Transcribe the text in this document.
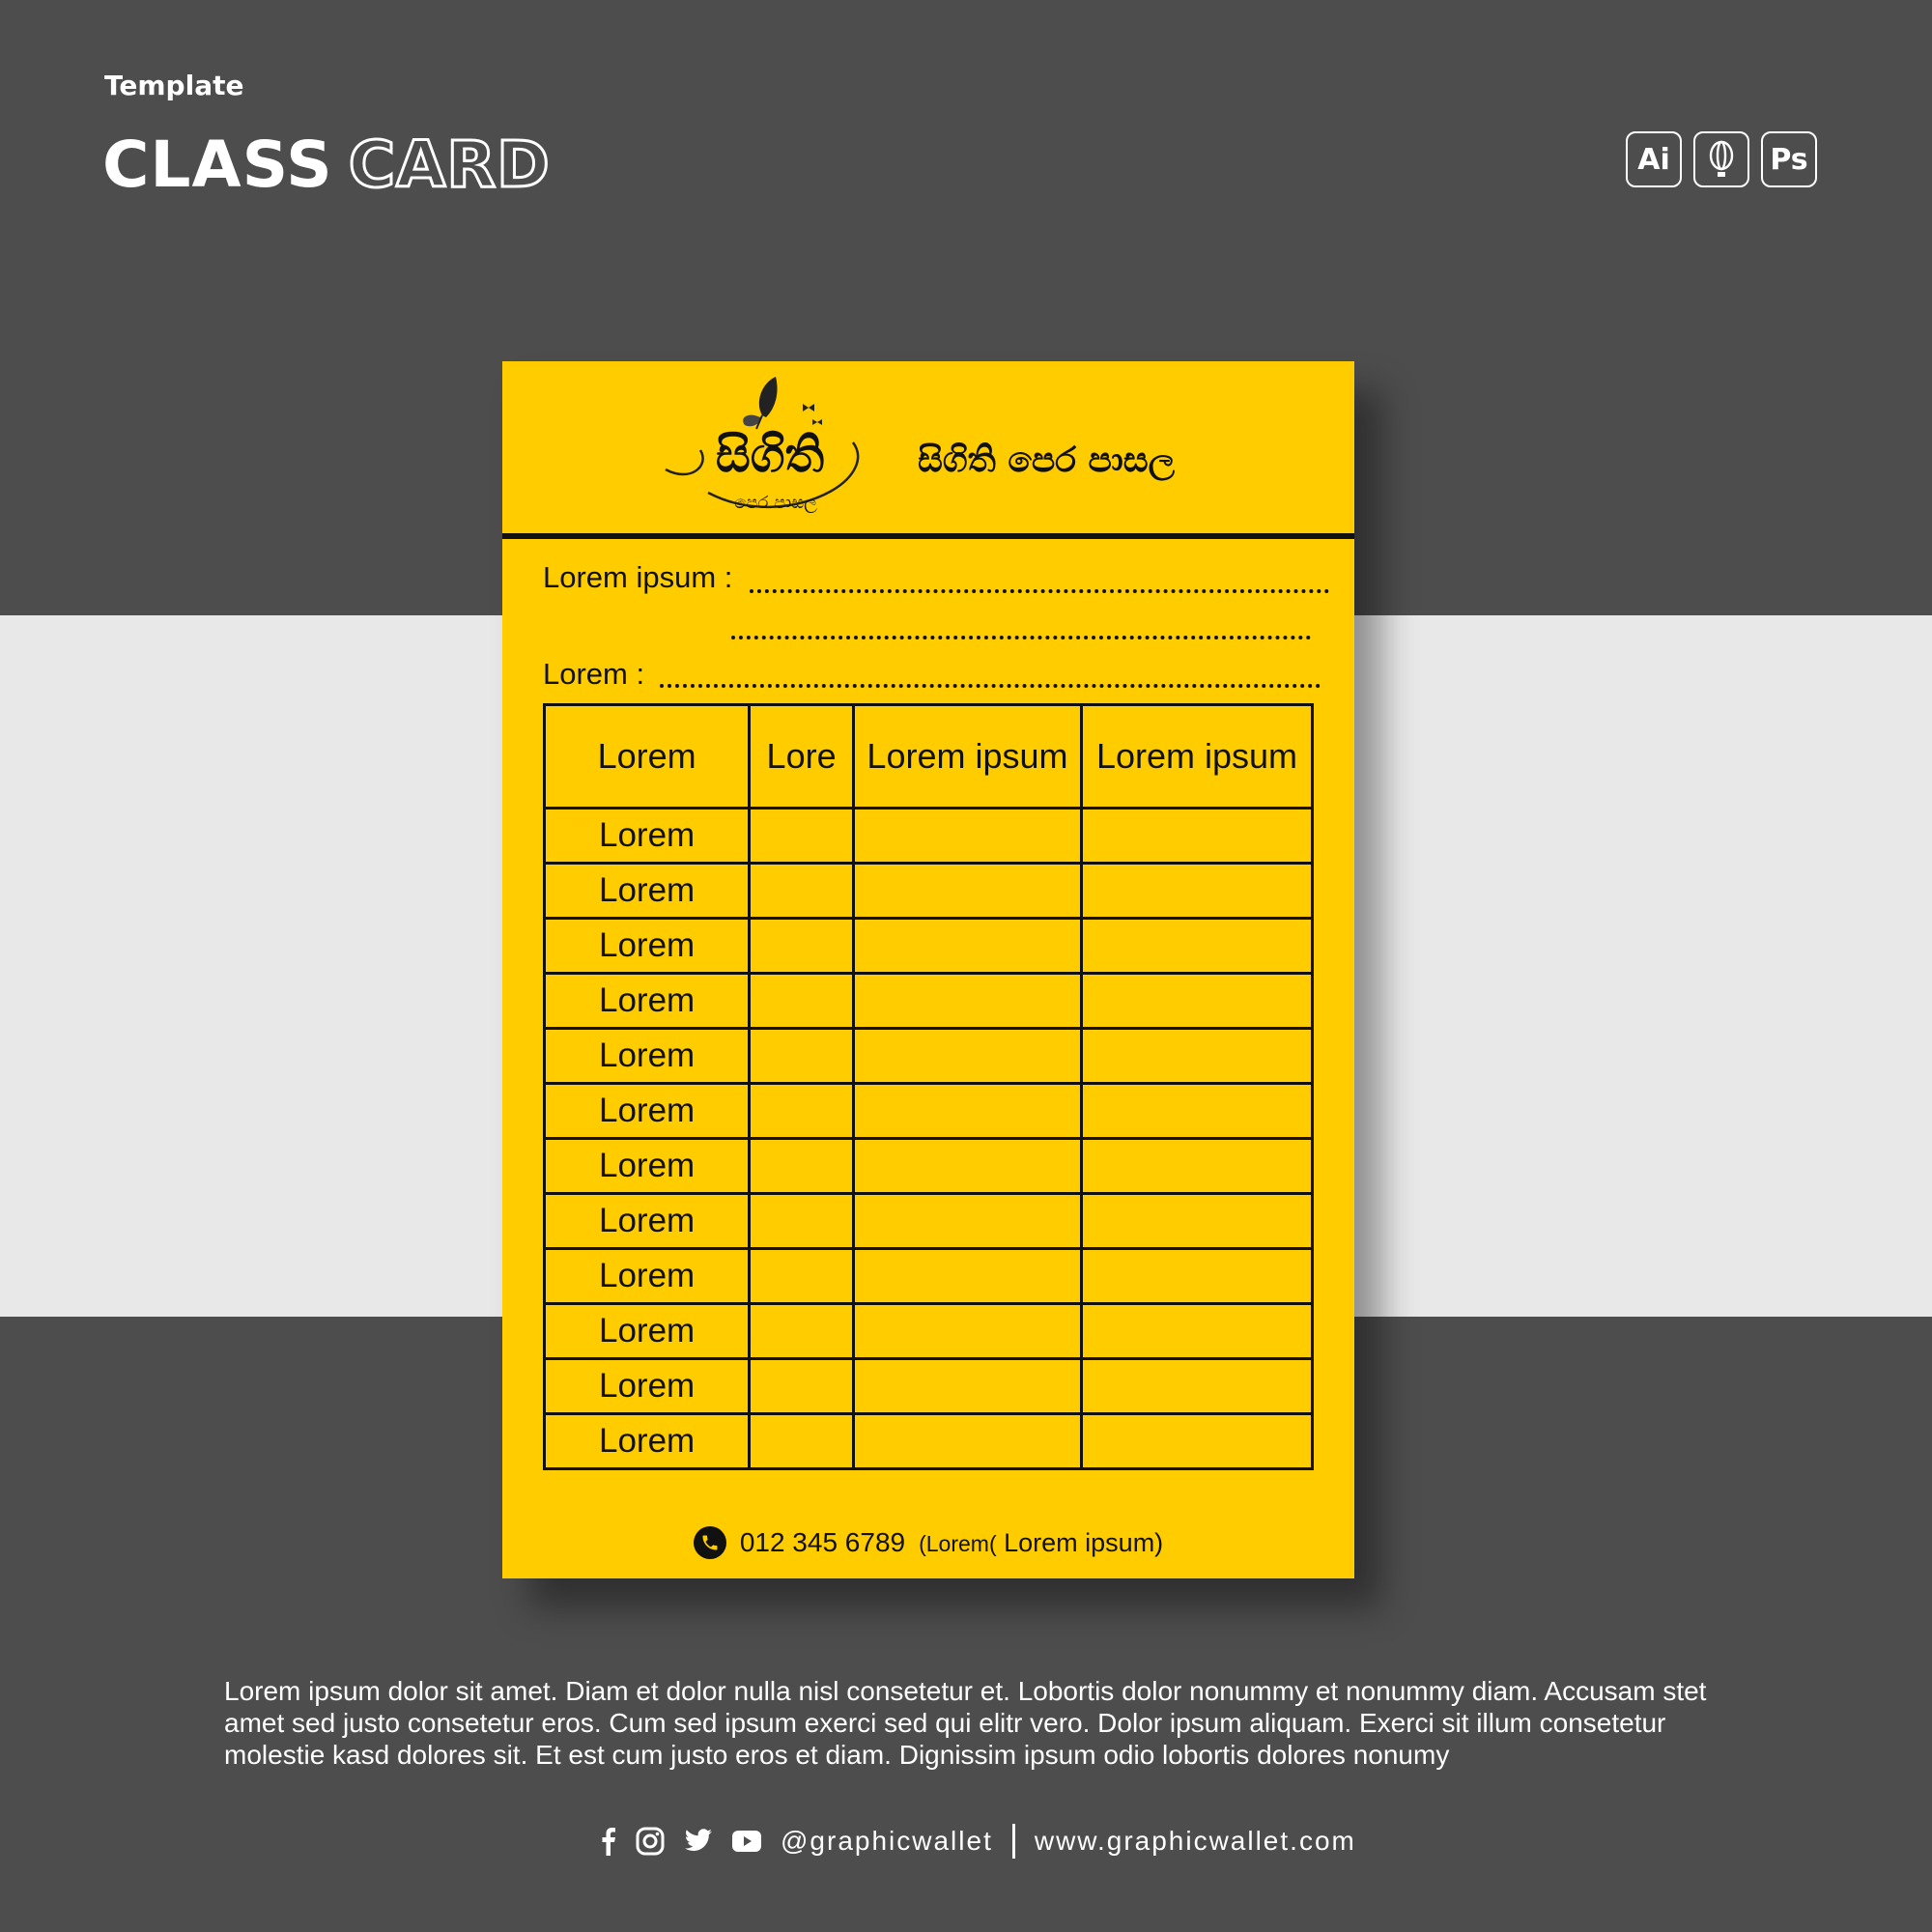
Template
CLASS CARD	Ai	Ps
සිගිති
පෙර පාසල
සිගිති පෙර පාසල
Lorem ipsum :
Lorem :
Lorem	Lore	Lorem ipsum	Lorem ipsum
Lorem			
Lorem			
Lorem			
Lorem			
Lorem			
Lorem			
Lorem			
Lorem			
Lorem			
Lorem			
Lorem			
Lorem			
012 345 6789 (Lorem( Lorem ipsum)
Lorem ipsum dolor sit amet. Diam et dolor nulla nisl consetetur et. Lobortis dolor nonummy et nonummy diam. Accusam stet amet sed justo consetetur eros. Cum sed ipsum exerci sed qui elitr vero. Dolor ipsum aliquam. Exerci sit illum consetetur molestie kasd dolores sit. Et est cum justo eros et diam. Dignissim ipsum odio lobortis dolores nonumy
@graphicwallet www.graphicwallet.com
